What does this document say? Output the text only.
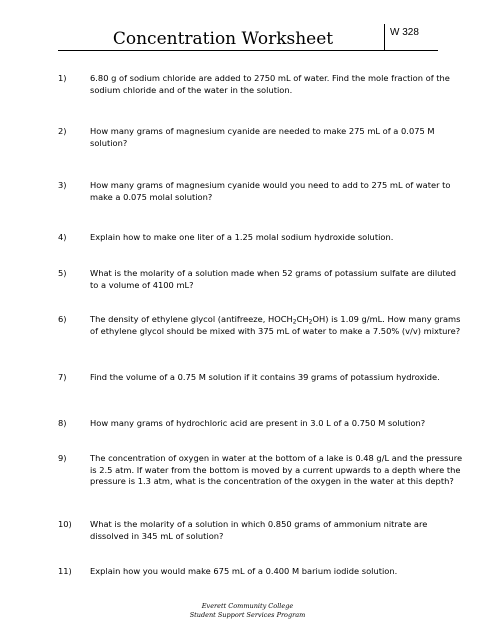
Concentration Worksheet	W 328
1)	6.80 g of sodium chloride are added to 2750 mL of water. Find the mole fraction of the sodium chloride and of the water in the solution.
2)	How many grams of magnesium cyanide are needed to make 275 mL of a 0.075 M solution?
3)	How many grams of magnesium cyanide would you need to add to 275 mL of water to make a 0.075 molal solution?
4)	Explain how to make one liter of a 1.25 molal sodium hydroxide solution.
5)	What is the molarity of a solution made when 52 grams of potassium sulfate are diluted to a volume of 4100 mL?
6)	The density of ethylene glycol (antifreeze, $HOCH_2CH_2OH$) is 1.09 g/mL. How many grams of ethylene glycol should be mixed with 375 mL of water to make a 7.50% (v/v) mixture?
7)	Find the volume of a 0.75 M solution if it contains 39 grams of potassium hydroxide.
8)	How many grams of hydrochloric acid are present in 3.0 L of a 0.750 M solution?
9)	The concentration of oxygen in water at the bottom of a lake is 0.48 g/L and the pressure is 2.5 atm. If water from the bottom is moved by a current upwards to a depth where the pressure is 1.3 atm, what is the concentration of the oxygen in the water at this depth?
10) What is the molarity of a solution in which 0.850 grams of ammonium nitrate are dissolved in 345 mL of solution?
11) Explain how you would make 675 mL of a 0.400 M barium iodide solution.
Everett Community College
Student Support Services Program
